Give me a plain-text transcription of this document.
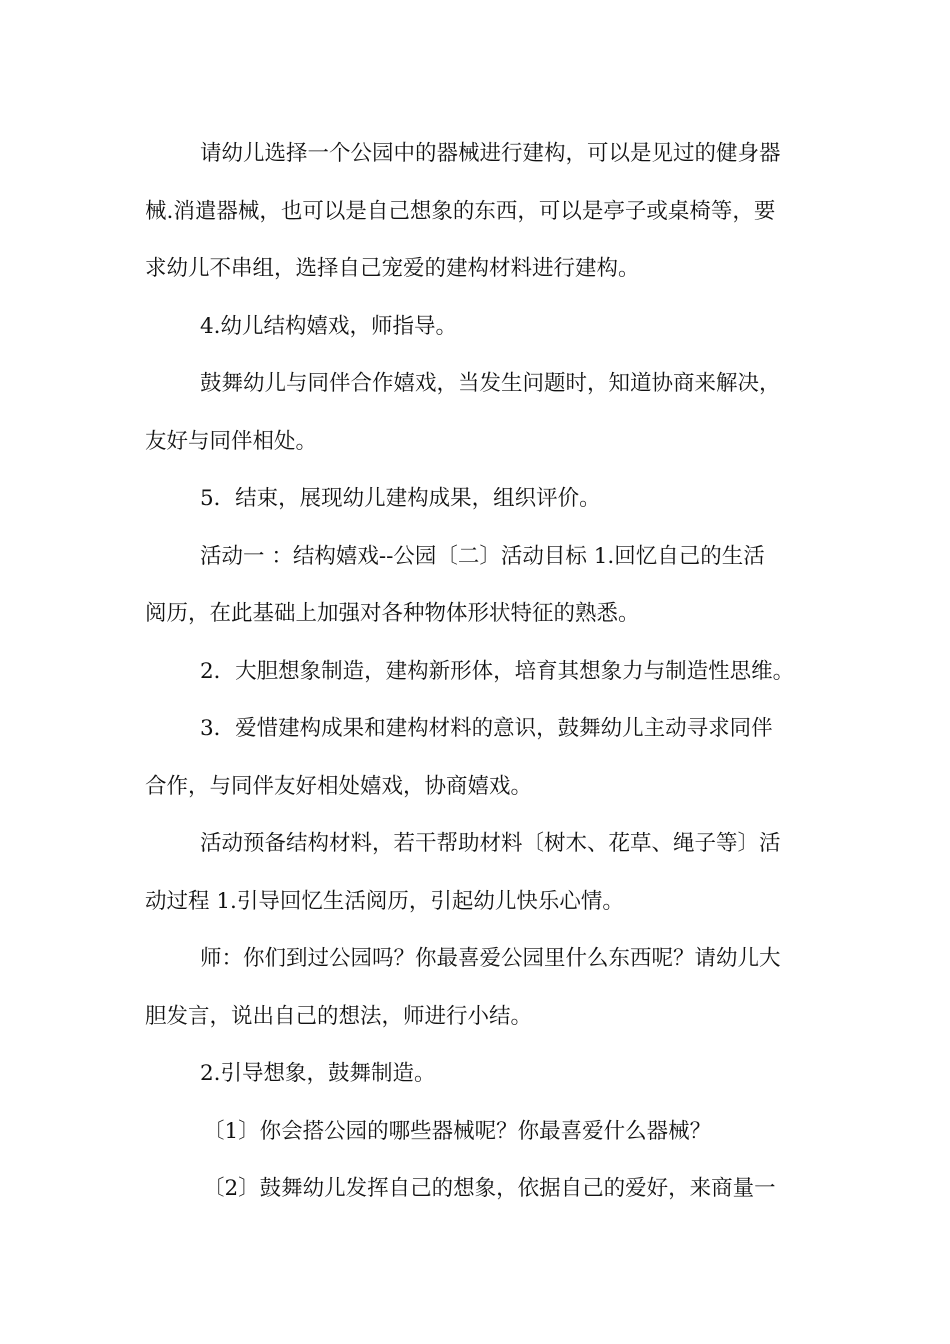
请幼儿选择一个公园中的器械进行建构，可以是见过的健身器
械.消遣器械，也可以是自己想象的东西，可以是亭子或桌椅等，要
求幼儿不串组，选择自己宠爱的建构材料进行建构。
4.幼儿结构嬉戏，师指导。
鼓舞幼儿与同伴合作嬉戏，当发生问题时，知道协商来解决，
友好与同伴相处。
5．结束，展现幼儿建构成果，组织评价。
活动一 ：结构嬉戏--公园〔二〕活动目标 1.回忆自己的生活
阅历，在此基础上加强对各种物体形状特征的熟悉。
2．大胆想象制造，建构新形体，培育其想象力与制造性思维。
3．爱惜建构成果和建构材料的意识，鼓舞幼儿主动寻求同伴
合作，与同伴友好相处嬉戏，协商嬉戏。
活动预备结构材料，若干帮助材料〔树木、花草、绳子等〕活
动过程 1.引导回忆生活阅历，引起幼儿快乐心情。
师：你们到过公园吗？你最喜爱公园里什么东西呢？请幼儿大
胆发言，说出自己的想法，师进行小结。
2.引导想象，鼓舞制造。
〔1〕你会搭公园的哪些器械呢？你最喜爱什么器械？
〔2〕鼓舞幼儿发挥自己的想象，依据自己的爱好，来商量一
